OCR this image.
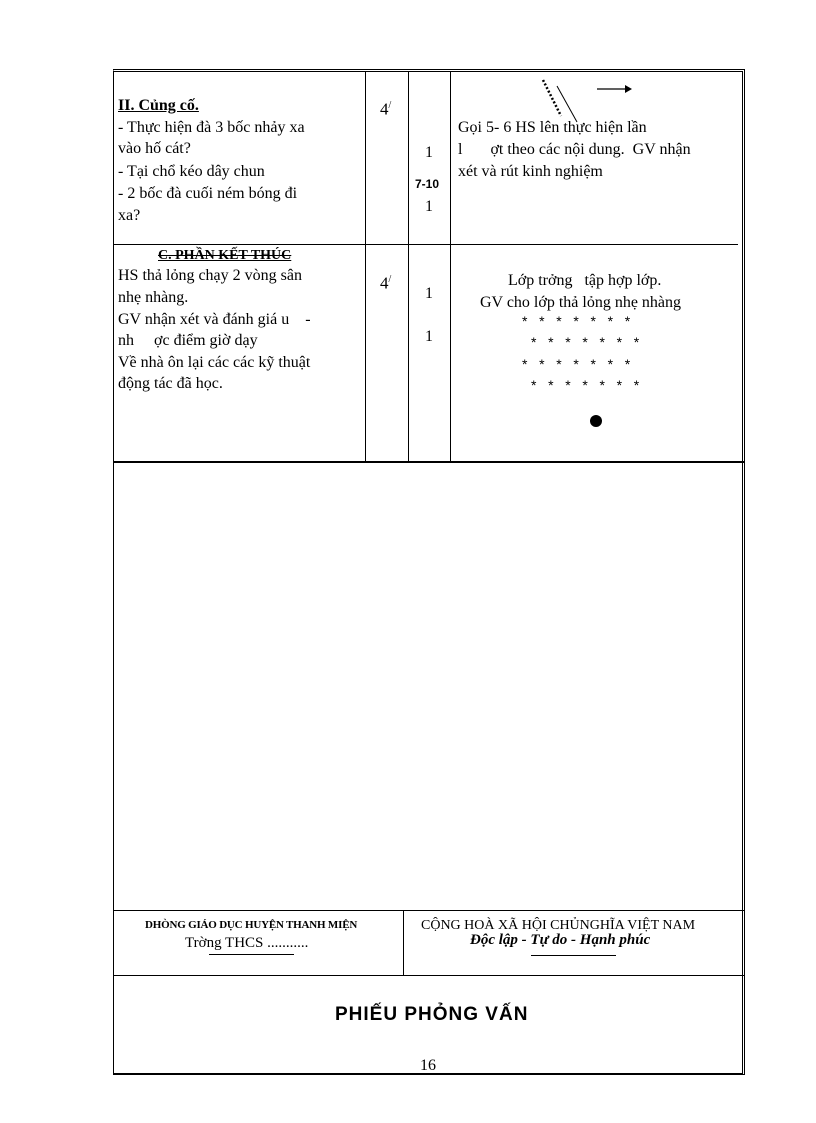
II. Củng cố.
- Thực hiện đà 3 bốc nhảy xa
vào hố cát?
- Tại chổ kéo dây chun
- 2 bốc đà cuối ném bóng đi
xa?
4/
1
7-10
1
Gọi 5- 6 HS lên thực hiện lần
l       ợt theo các nội dung.  GV nhận
xét và rút kinh nghiệm
C. PHẦN KẾT THÚC
HS thả lỏng chạy 2 vòng sân
nhẹ nhàng.
GV nhận xét và đánh giá u    -
nh     ợc điểm giờ dạy
Về nhà ôn lại các các kỹ thuật
động tác đã học.
4/
1
1
Lớp trởng   tập hợp lớp.
GV cho lớp thả lỏng nhẹ nhàng
*   *   *   *   *   *   *
*   *   *   *   *   *   *
*   *   *   *   *   *   *
*   *   *   *   *   *   *
DHÒNG GIÁO DỤC HUYỆN THANH MIỆN
Trờng THCS ...........
CỘNG HOÀ XÃ HỘI CHỦNGHĨA VIỆT NAM
Độc lập - Tự do - Hạnh phúc
PHIẾU PHỎNG VẤN
16
